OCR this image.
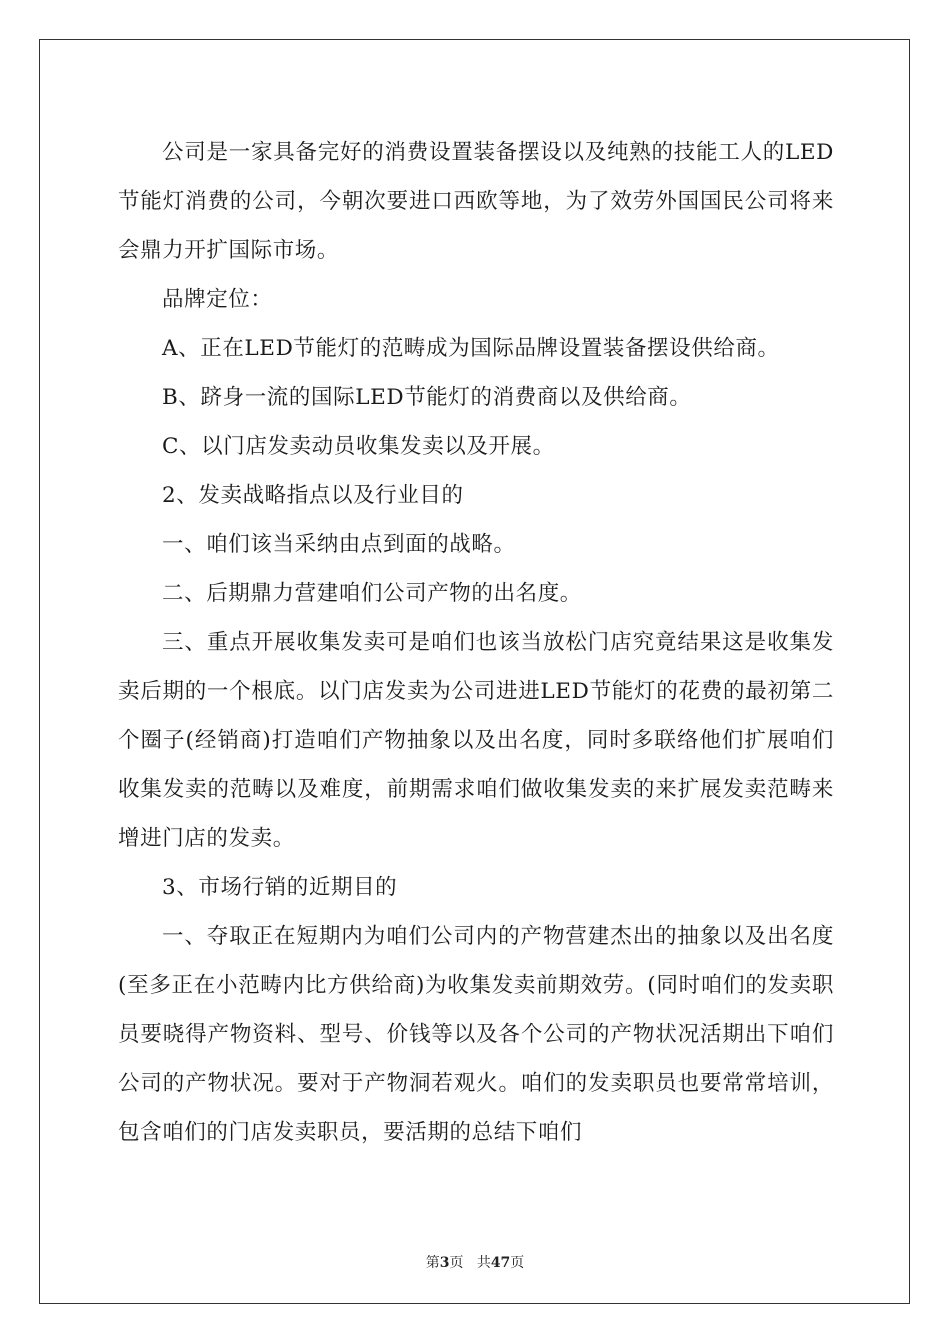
公司是一家具备完好的消费设置装备摆设以及纯熟的技能工人的LED节能灯消费的公司，今朝次要进口西欧等地，为了效劳外国国民公司将来会鼎力开扩国际市场。

品牌定位：

A、正在LED节能灯的范畴成为国际品牌设置装备摆设供给商。

B、跻身一流的国际LED节能灯的消费商以及供给商。

C、以门店发卖动员收集发卖以及开展。

2、发卖战略指点以及行业目的

一、咱们该当采纳由点到面的战略。

二、后期鼎力营建咱们公司产物的出名度。

三、重点开展收集发卖可是咱们也该当放松门店究竟结果这是收集发卖后期的一个根底。以门店发卖为公司进进LED节能灯的花费的最初第二个圈子(经销商)打造咱们产物抽象以及出名度，同时多联络他们扩展咱们收集发卖的范畴以及难度，前期需求咱们做收集发卖的来扩展发卖范畴来增进门店的发卖。

3、市场行销的近期目的

一、夺取正在短期内为咱们公司内的产物营建杰出的抽象以及出名度(至多正在小范畴内比方供给商)为收集发卖前期效劳。(同时咱们的发卖职员要晓得产物资料、型号、价钱等以及各个公司的产物状况活期出下咱们公司的产物状况。要对于产物洞若观火。咱们的发卖职员也要常常培训，包含咱们的门店发卖职员，要活期的总结下咱们

第3页 共47页
